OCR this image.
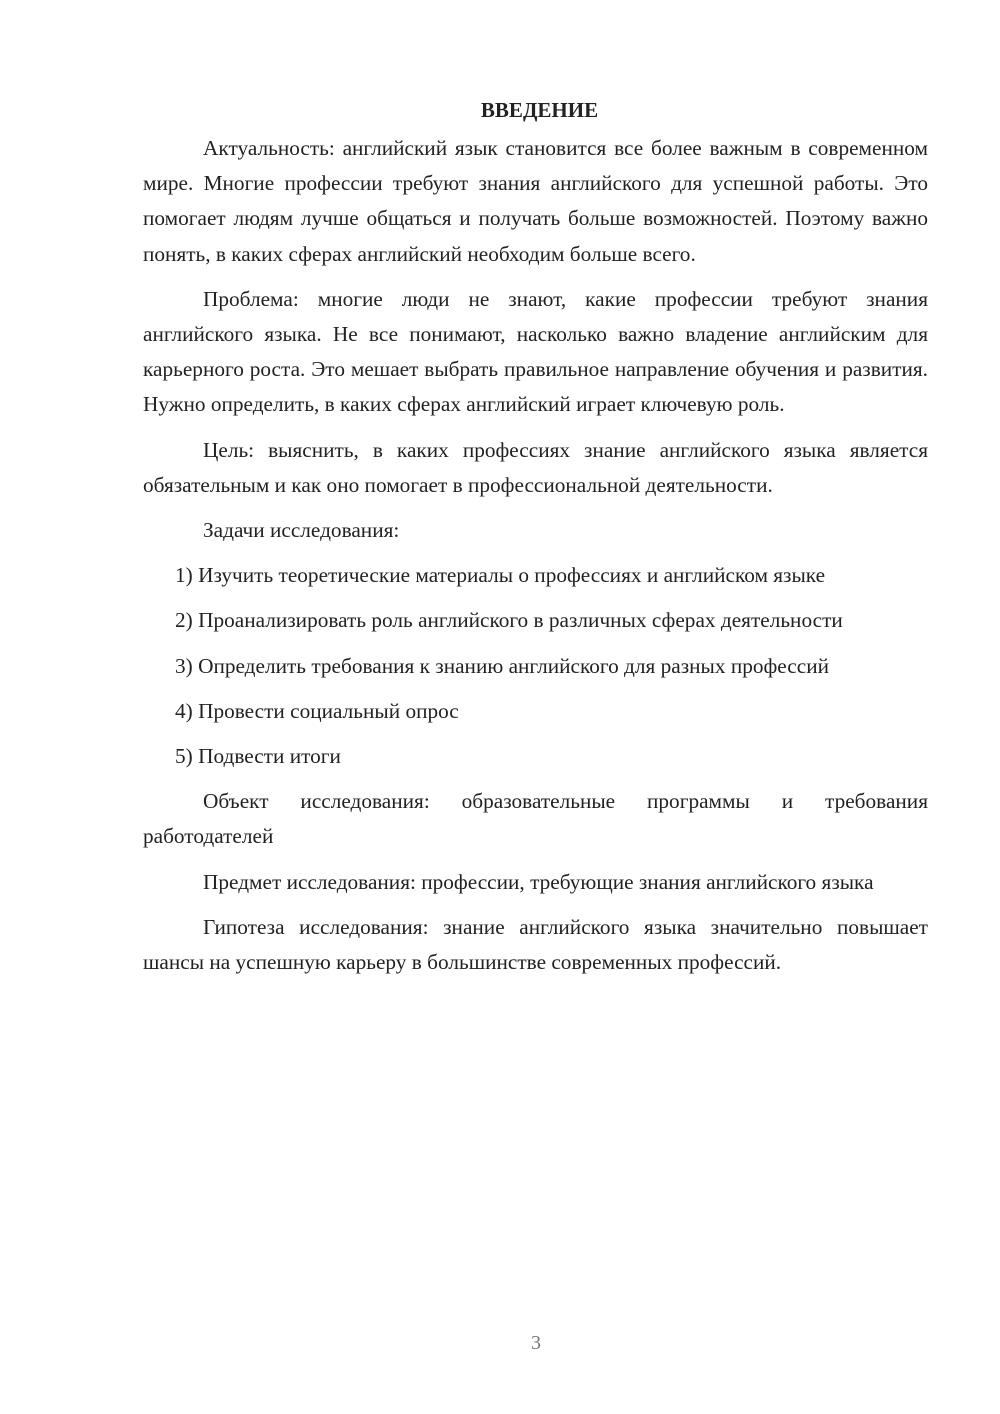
ВВЕДЕНИЕ

Актуальность: английский язык становится все более важным в современном мире. Многие профессии требуют знания английского для успешной работы. Это помогает людям лучше общаться и получать больше возможностей. Поэтому важно понять, в каких сферах английский необходим больше всего.

Проблема: многие люди не знают, какие профессии требуют знания английского языка. Не все понимают, насколько важно владение английским для карьерного роста. Это мешает выбрать правильное направление обучения и развития. Нужно определить, в каких сферах английский играет ключевую роль.

Цель: выяснить, в каких профессиях знание английского языка является обязательным и как оно помогает в профессиональной деятельности.

Задачи исследования:

1) Изучить теоретические материалы о профессиях и английском языке

2) Проанализировать роль английского в различных сферах деятельности

3) Определить требования к знанию английского для разных профессий

4) Провести социальный опрос

5) Подвести итоги

Объект исследования: образовательные программы и требования работодателей

Предмет исследования: профессии, требующие знания английского языка

Гипотеза исследования: знание английского языка значительно повышает шансы на успешную карьеру в большинстве современных профессий.

3
